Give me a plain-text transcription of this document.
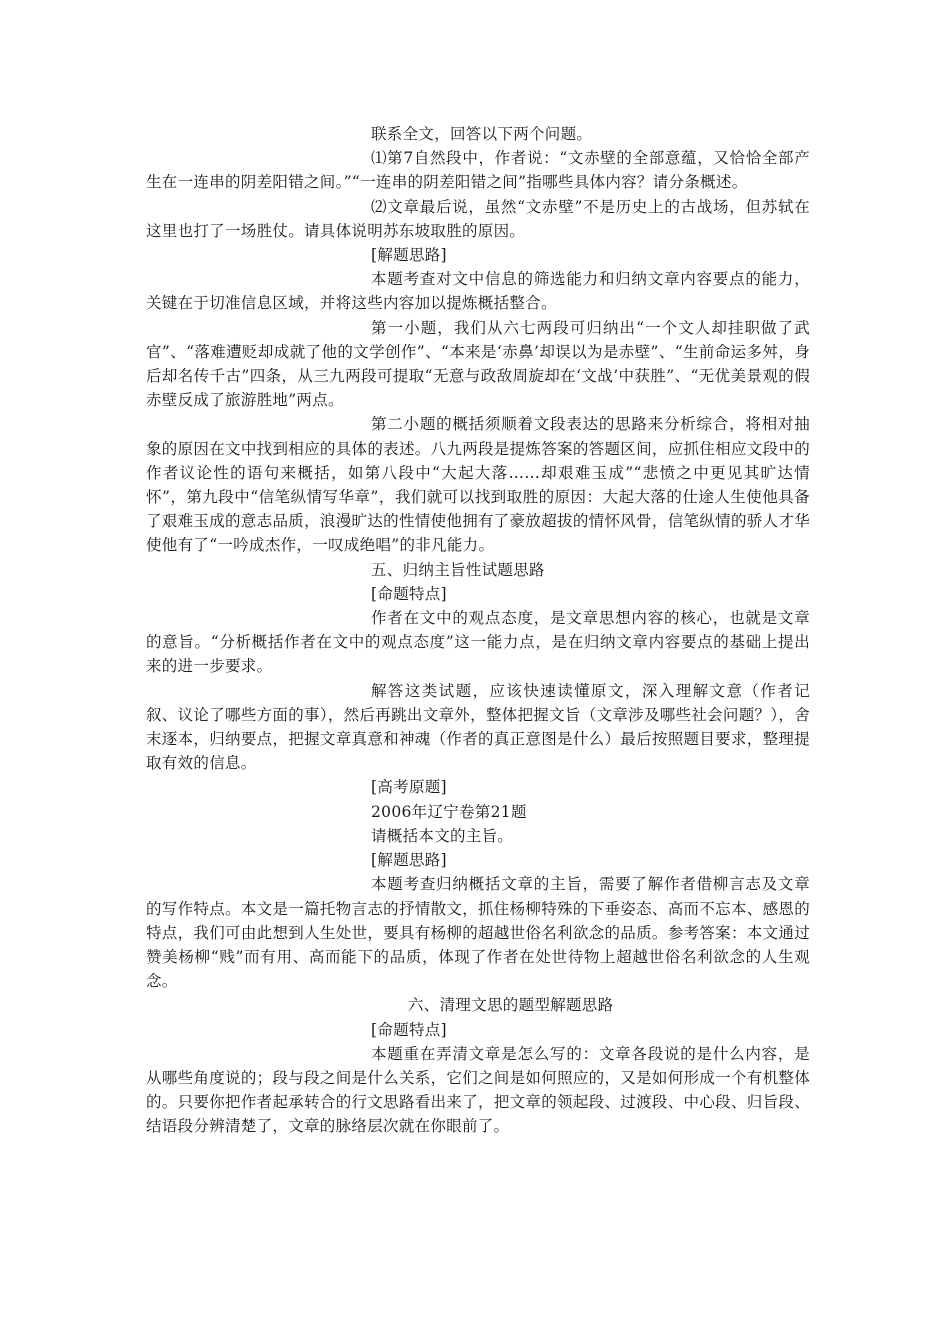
联系全文，回答以下两个问题。

⑴第7自然段中，作者说：“文赤壁的全部意蕴，又恰恰全部产生在一连串的阴差阳错之间。”“一连串的阴差阳错之间”指哪些具体内容？请分条概述。

⑵文章最后说，虽然“文赤壁”不是历史上的古战场，但苏轼在这里也打了一场胜仗。请具体说明苏东坡取胜的原因。

[解题思路]

本题考查对文中信息的筛选能力和归纳文章内容要点的能力，关键在于切准信息区域，并将这些内容加以提炼概括整合。

第一小题，我们从六七两段可归纳出“一个文人却挂职做了武官”、“落难遭贬却成就了他的文学创作”、“本来是‘赤鼻’却误以为是赤壁”、“生前命运多舛，身后却名传千古”四条，从三九两段可提取“无意与政敌周旋却在‘文战’中获胜”、“无优美景观的假赤壁反成了旅游胜地”两点。

第二小题的概括须顺着文段表达的思路来分析综合，将相对抽象的原因在文中找到相应的具体的表述。八九两段是提炼答案的答题区间，应抓住相应文段中的作者议论性的语句来概括，如第八段中“大起大落……却艰难玉成”“悲愤之中更见其旷达情怀”，第九段中“信笔纵情写华章”，我们就可以找到取胜的原因：大起大落的仕途人生使他具备了艰难玉成的意志品质，浪漫旷达的性情使他拥有了豪放超拔的情怀风骨，信笔纵情的骄人才华使他有了“一吟成杰作，一叹成绝唱”的非凡能力。

五、归纳主旨性试题思路

[命题特点]

作者在文中的观点态度，是文章思想内容的核心，也就是文章的意旨。“分析概括作者在文中的观点态度”这一能力点，是在归纳文章内容要点的基础上提出来的进一步要求。

解答这类试题，应该快速读懂原文，深入理解文意（作者记叙、议论了哪些方面的事），然后再跳出文章外，整体把握文旨（文章涉及哪些社会问题？），舍末逐本，归纳要点，把握文章真意和神魂（作者的真正意图是什么）最后按照题目要求，整理提取有效的信息。

[高考原题]

2006年辽宁卷第21题

请概括本文的主旨。

[解题思路]

本题考查归纳概括文章的主旨，需要了解作者借柳言志及文章的写作特点。本文是一篇托物言志的抒情散文，抓住杨柳特殊的下垂姿态、高而不忘本、感恩的特点，我们可由此想到人生处世，要具有杨柳的超越世俗名利欲念的品质。参考答案：本文通过赞美杨柳“贱”而有用、高而能下的品质，体现了作者在处世待物上超越世俗名利欲念的人生观念。

六、清理文思的题型解题思路

[命题特点]

本题重在弄清文章是怎么写的：文章各段说的是什么内容，是从哪些角度说的；段与段之间是什么关系，它们之间是如何照应的，又是如何形成一个有机整体的。只要你把作者起承转合的行文思路看出来了，把文章的领起段、过渡段、中心段、归旨段、结语段分辨清楚了，文章的脉络层次就在你眼前了。
